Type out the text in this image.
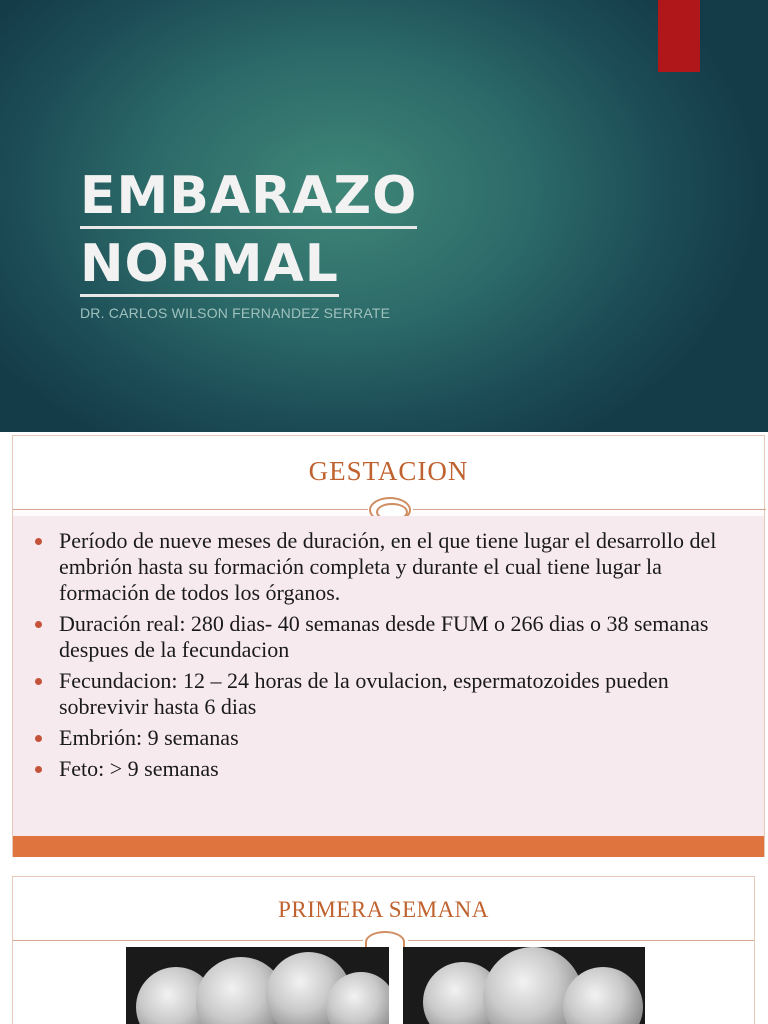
EMBARAZO
NORMAL
DR. CARLOS WILSON FERNANDEZ SERRATE
GESTACION
Período de nueve meses de duración, en el que tiene lugar el desarrollo del embrión hasta su formación completa y durante el cual tiene lugar la formación de todos los órganos.
Duración real: 280 dias- 40 semanas desde FUM o 266 dias o 38 semanas despues de la fecundacion
Fecundacion: 12 – 24 horas de la ovulacion, espermatozoides pueden sobrevivir hasta 6 dias
Embrión: 9 semanas
Feto: > 9 semanas
PRIMERA SEMANA
